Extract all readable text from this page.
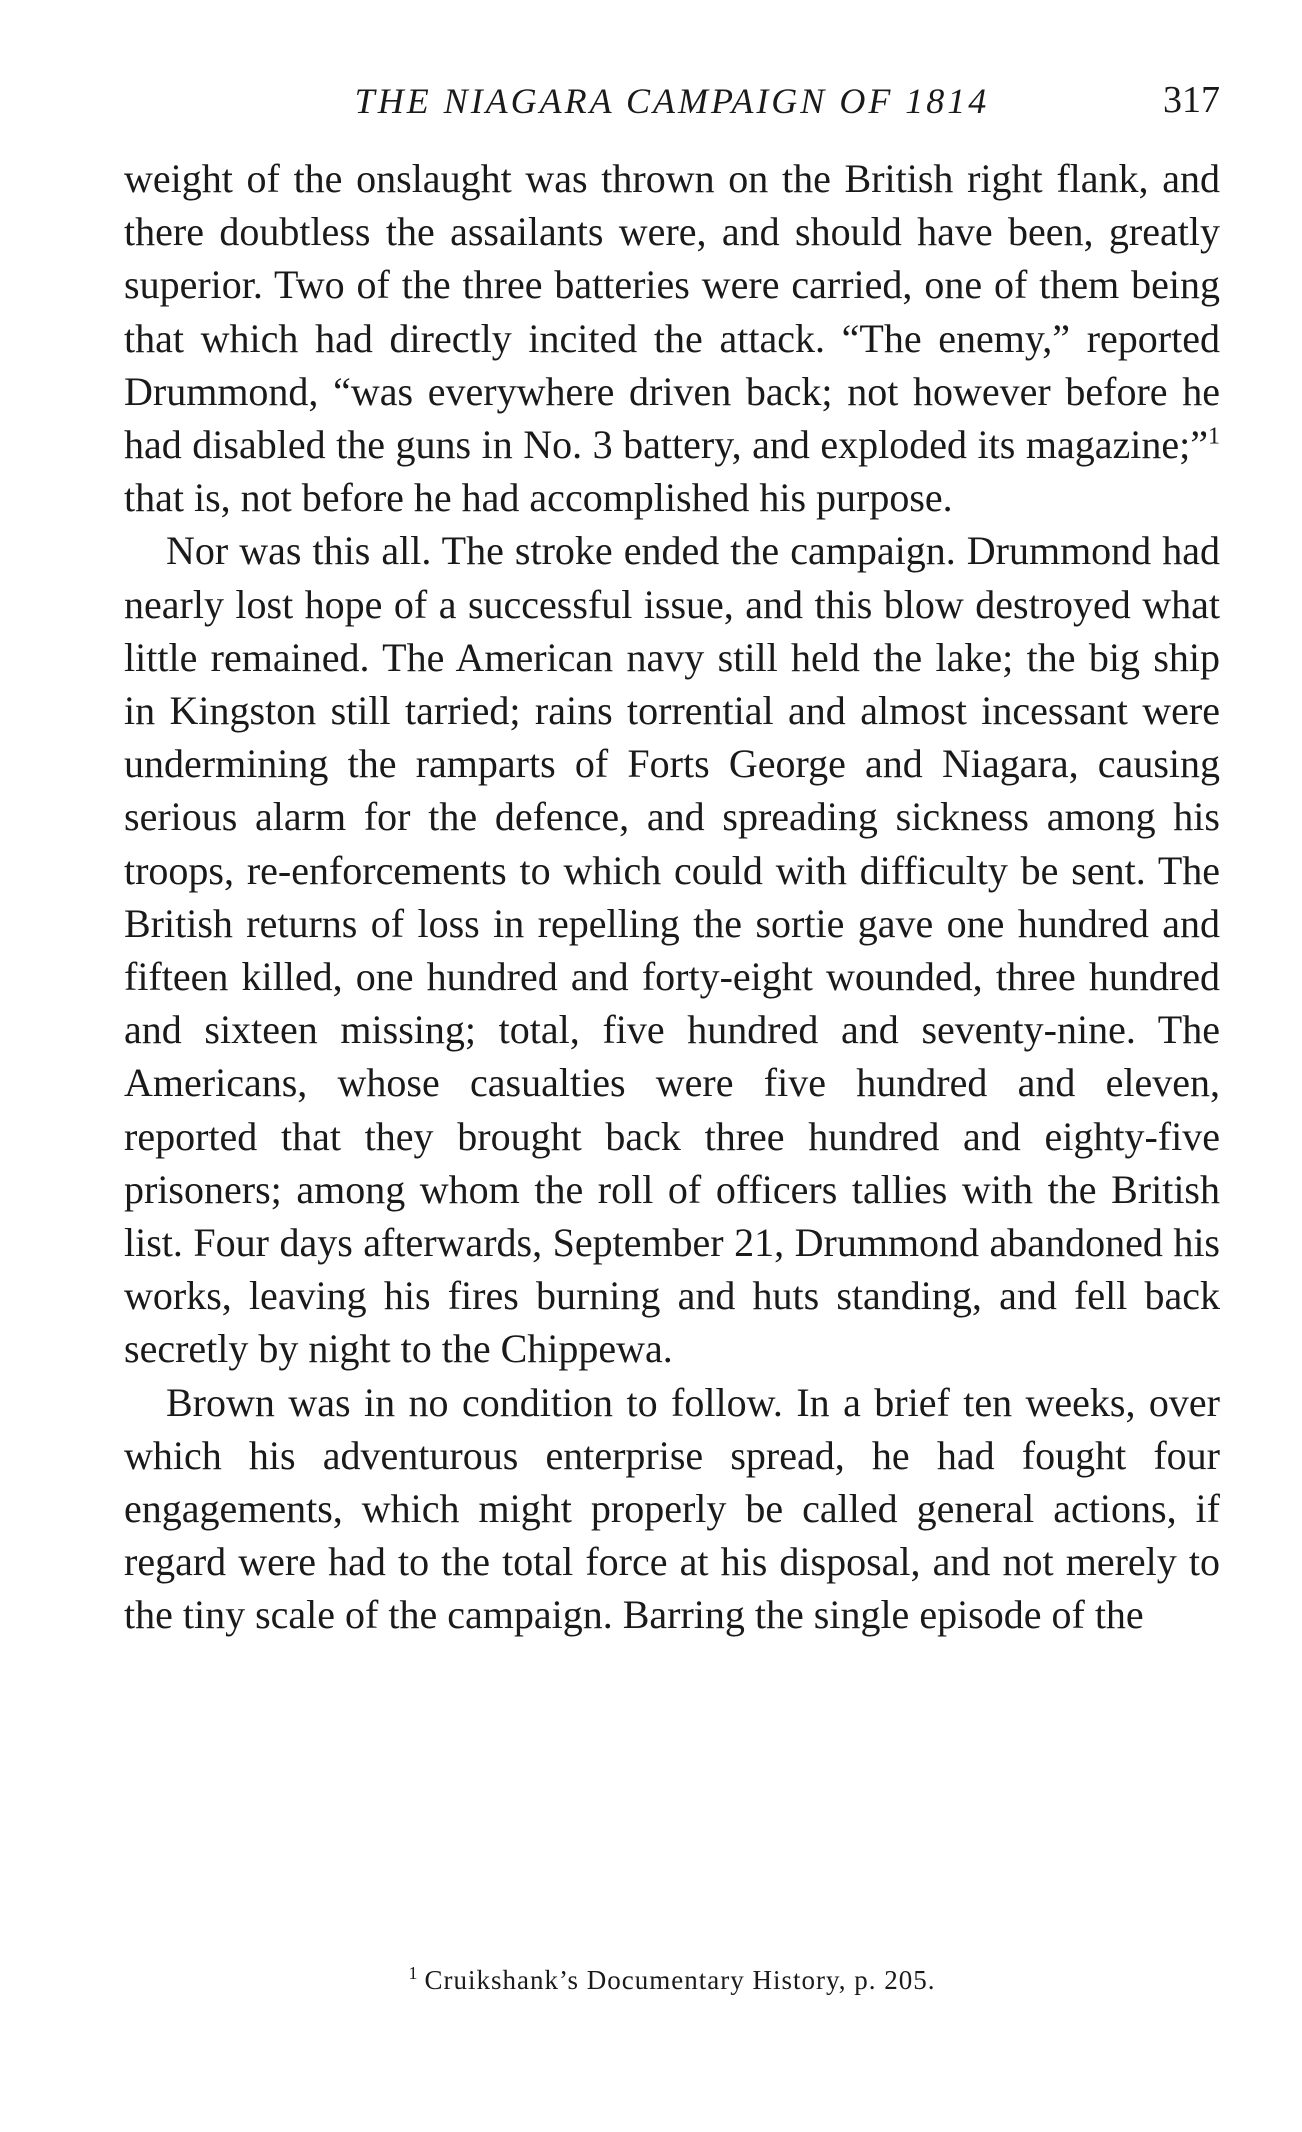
THE NIAGARA CAMPAIGN OF 1814	317

weight of the onslaught was thrown on the British right flank, and there doubtless the assailants were, and should have been, greatly superior. Two of the three batteries were carried, one of them being that which had directly incited the attack. “The enemy,” reported Drummond, “was everywhere driven back; not however before he had disabled the guns in No. 3 battery, and exploded its magazine;”$^1$ that is, not before he had accomplished his purpose.

Nor was this all. The stroke ended the campaign. Drummond had nearly lost hope of a successful issue, and this blow destroyed what little remained. The American navy still held the lake; the big ship in Kingston still tarried; rains torrential and almost incessant were undermining the ramparts of Forts George and Niagara, causing serious alarm for the defence, and spreading sickness among his troops, re-enforcements to which could with difficulty be sent. The British returns of loss in repelling the sortie gave one hundred and fifteen killed, one hundred and forty-eight wounded, three hundred and sixteen missing; total, five hundred and seventy-nine. The Americans, whose casualties were five hundred and eleven, reported that they brought back three hundred and eighty-five prisoners; among whom the roll of officers tallies with the British list. Four days afterwards, September 21, Drummond abandoned his works, leaving his fires burning and huts standing, and fell back secretly by night to the Chippewa.

Brown was in no condition to follow. In a brief ten weeks, over which his adventurous enterprise spread, he had fought four engagements, which might properly be called general actions, if regard were had to the total force at his disposal, and not merely to the tiny scale of the campaign. Barring the single episode of the

$^1$ Cruikshank’s Documentary History, p. 205.
